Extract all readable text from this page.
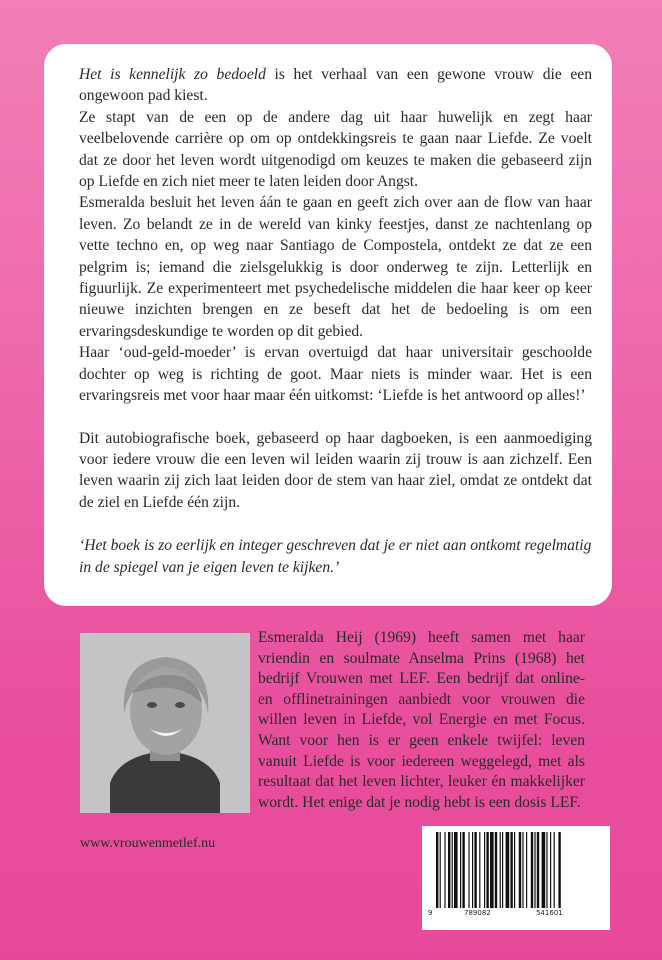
Het is kennelijk zo bedoeld is het verhaal van een gewone vrouw die een ongewoon pad kiest.

Ze stapt van de een op de andere dag uit haar huwelijk en zegt haar veelbelovende carrière op om op ontdekkingsreis te gaan naar Liefde. Ze voelt dat ze door het leven wordt uitgenodigd om keuzes te maken die gebaseerd zijn op Liefde en zich niet meer te laten leiden door Angst.

Esmeralda besluit het leven áán te gaan en geeft zich over aan de flow van haar leven. Zo belandt ze in de wereld van kinky feestjes, danst ze nachtenlang op vette techno en, op weg naar Santiago de Compostela, ontdekt ze dat ze een pelgrim is; iemand die zielsgelukkig is door onderweg te zijn. Letterlijk en figuurlijk. Ze experimenteert met psychedelische middelen die haar keer op keer nieuwe inzichten brengen en ze beseft dat het de bedoeling is om een ervaringsdeskundige te worden op dit gebied.

Haar ‘oud-geld-moeder’ is ervan overtuigd dat haar universitair geschoolde dochter op weg is richting de goot. Maar niets is minder waar. Het is een ervaringsreis met voor haar maar één uitkomst: ‘Liefde is het antwoord op alles!’

Dit autobiografische boek, gebaseerd op haar dagboeken, is een aanmoediging voor iedere vrouw die een leven wil leiden waarin zij trouw is aan zichzelf. Een leven waarin zij zich laat leiden door de stem van haar ziel, omdat ze ontdekt dat de ziel en Liefde één zijn.

‘Het boek is zo eerlijk en integer geschreven dat je er niet aan ontkomt regelmatig in de spiegel van je eigen leven te kijken.’

Esmeralda Heij (1969) heeft samen met haar vriendin en soulmate Anselma Prins (1968) het bedrijf Vrouwen met LEF. Een bedrijf dat online- en offlinetrainingen aanbiedt voor vrouwen die willen leven in Liefde, vol Energie en met Focus. Want voor hen is er geen enkele twijfel: leven vanuit Liefde is voor iedereen weggelegd, met als resultaat dat het leven lichter, leuker én makkelijker wordt. Het enige dat je nodig hebt is een dosis LEF.

www.vrouwenmetlef.nu
9	789082	541601
